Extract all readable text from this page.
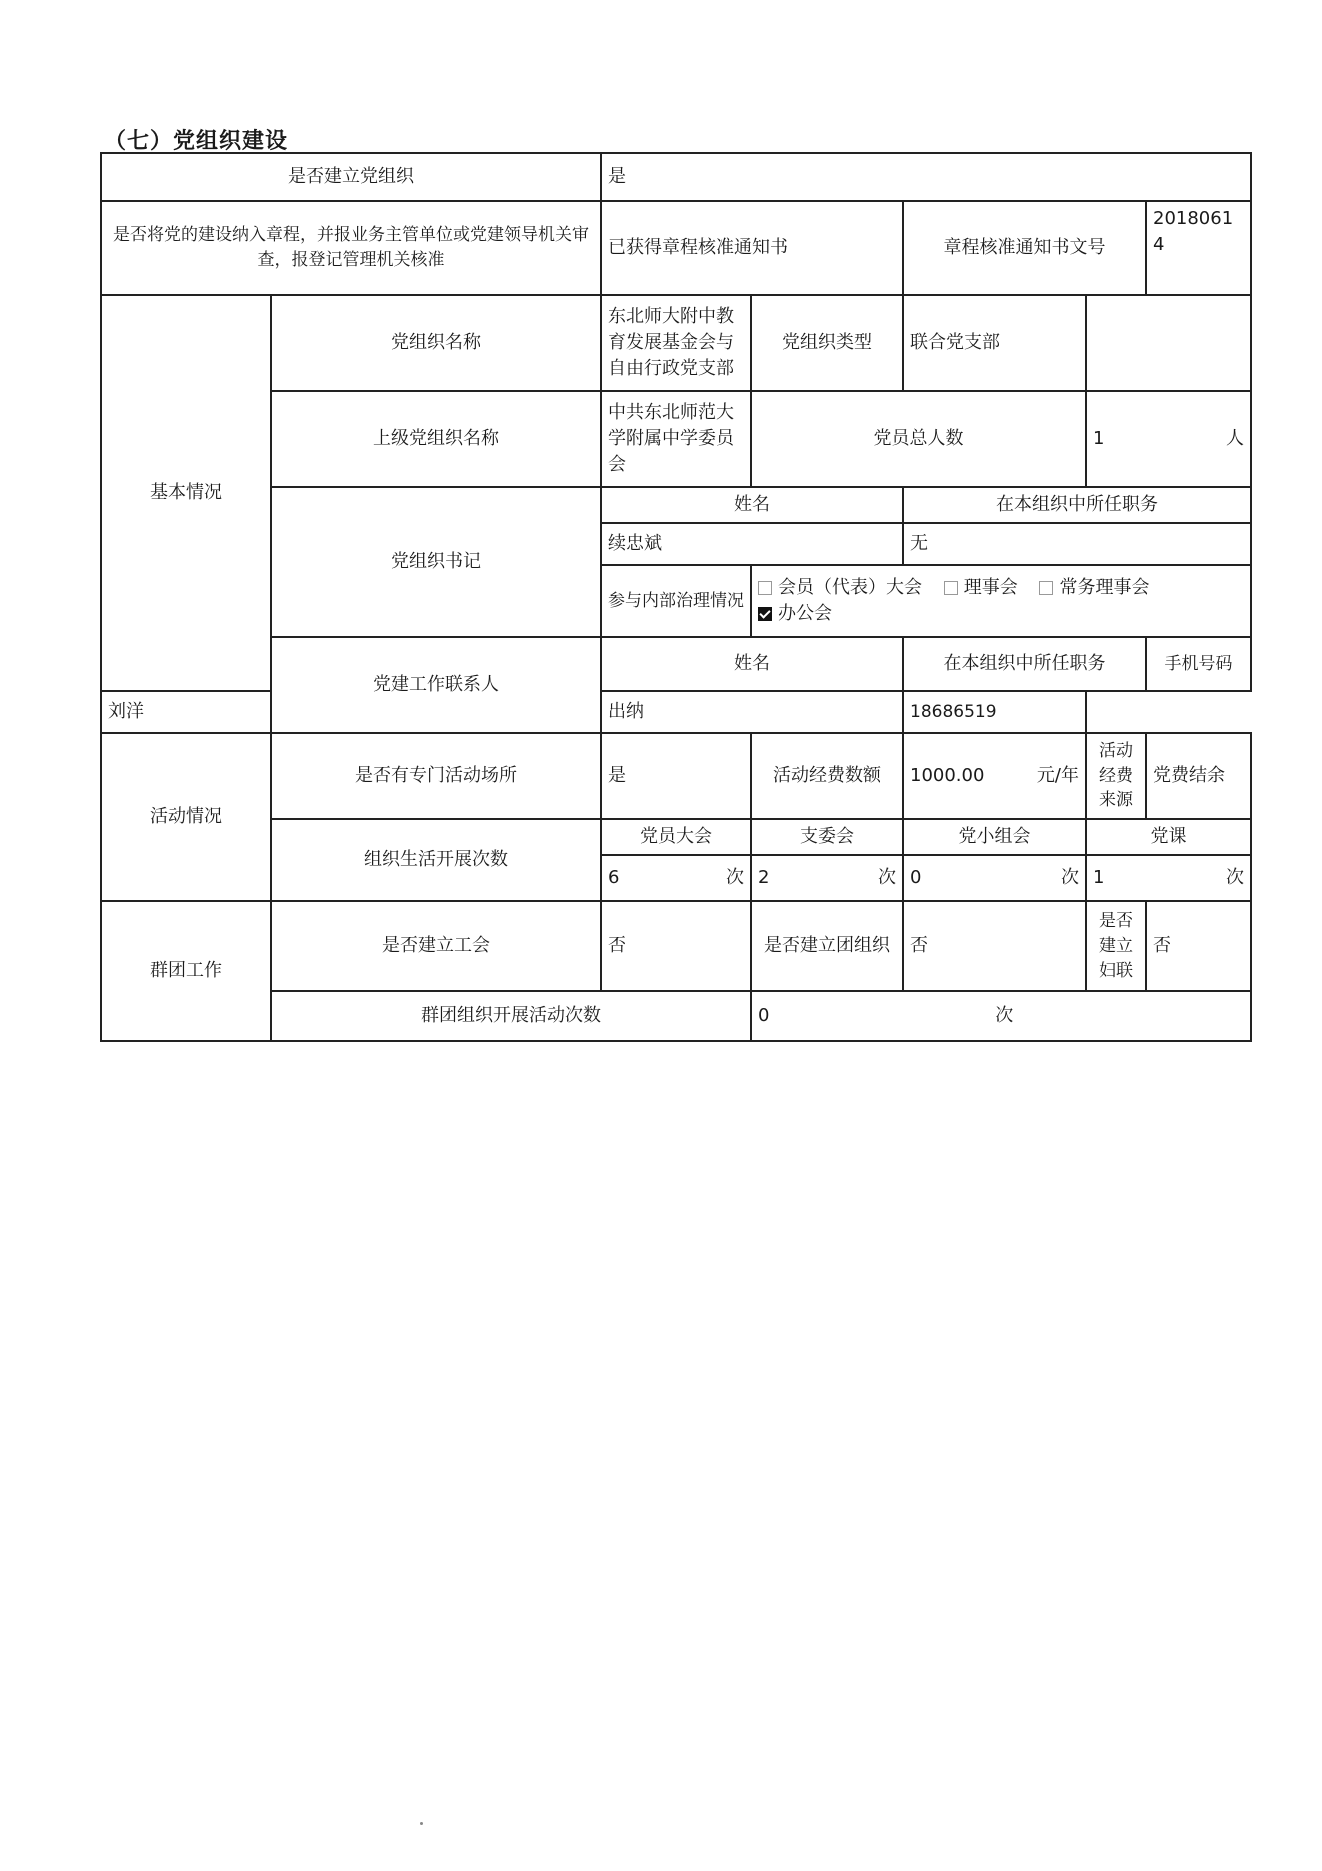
（七）党组织建设
是否建立党组织		是				
是否将党的建设纳入章程，并报业务主管单位或党建领导机关审查，报登记管理机关核准		已获得章程核准通知书		章程核准通知书文号		20180614
基本情况	党组织名称	东北师大附中教育发展基金会与自由行政党支部	党组织类型	联合党支部		
	上级党组织名称	中共东北师范大学附属中学委员会	党员总人数		1 人	

	党组织书记	姓名		在本组织中所任职务		
		续忠斌		无		
		参与内部治理情况	会员（代表）大会 理事会 常务理事会
办公会			
	党建工作联系人	姓名		在本组织中所任职务		手机号码
刘洋		出纳		18686519		
活动情况	是否有专门活动场所	是	活动经费数额	1000.00 元/年	活动经费来源	党费结余
	组织生活开展次数	党员大会	支委会	党小组会	党课	

		6 次	2 次	0 次	1 次	

群团工作	是否建立工会	否	是否建立团组织	否	是否建立妇联	否
	群团组织开展活动次数		0 次			
